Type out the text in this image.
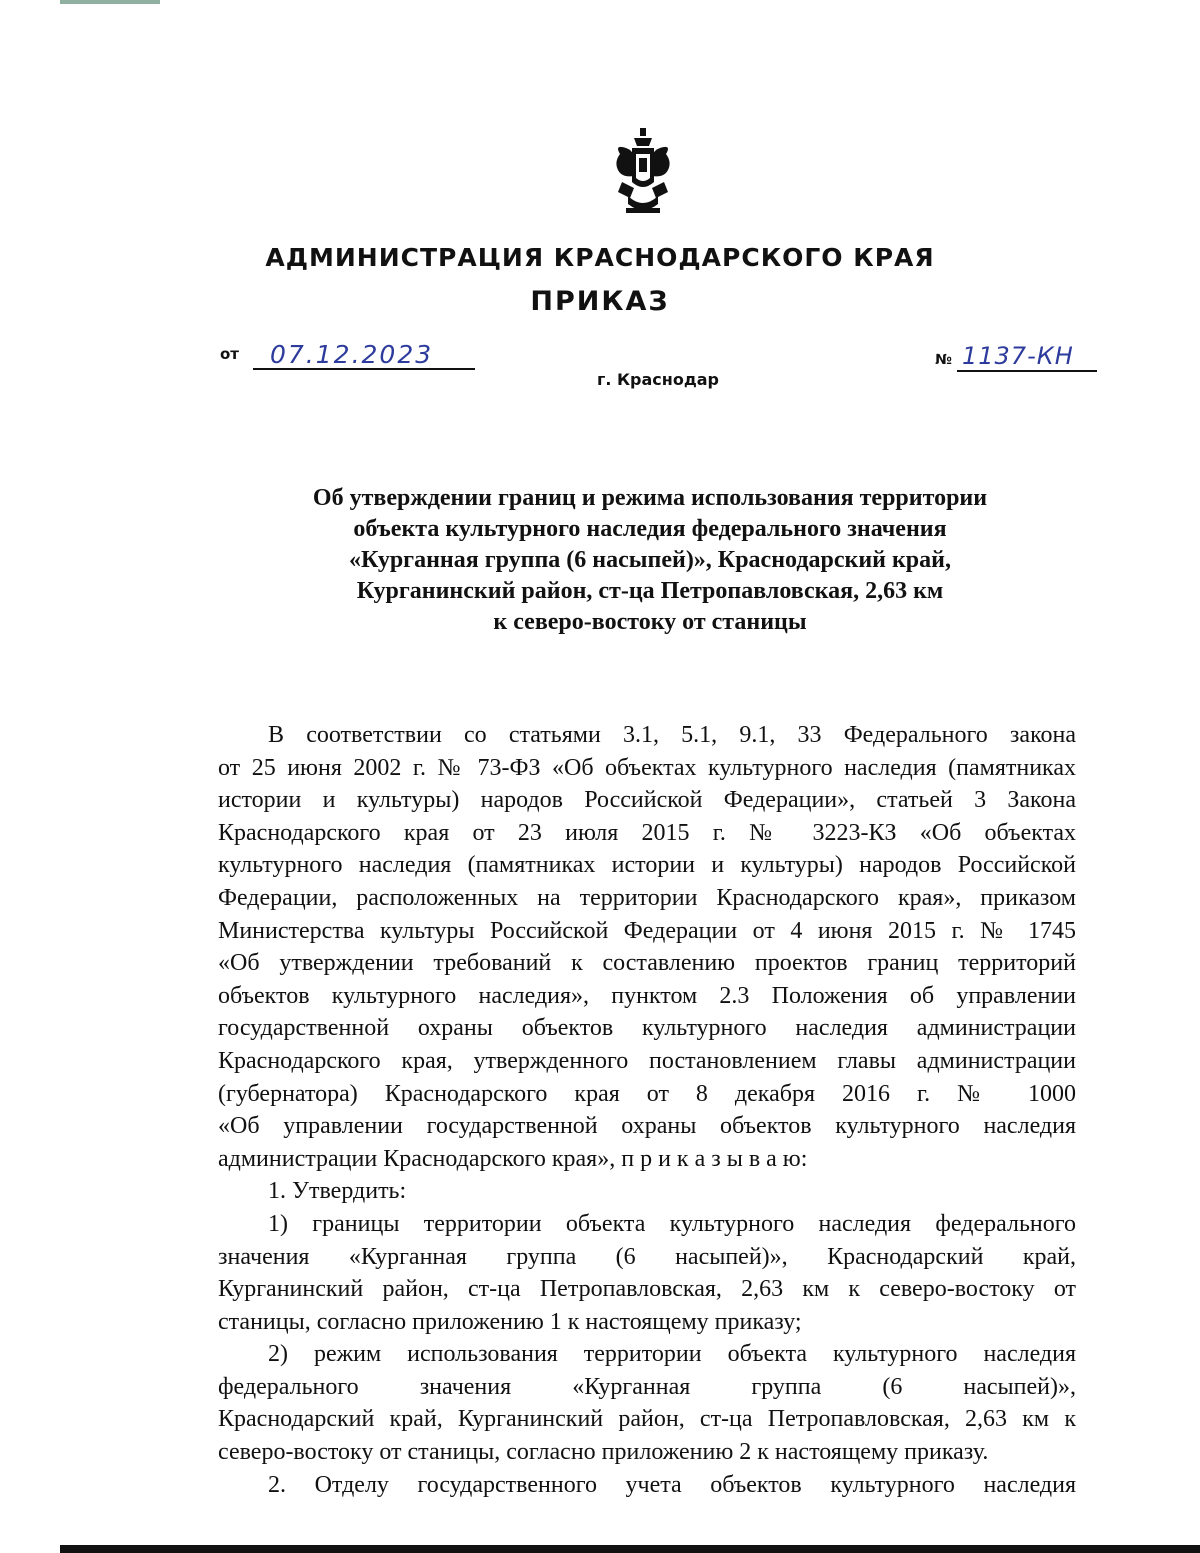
АДМИНИСТРАЦИЯ КРАСНОДАРСКОГО КРАЯ
ПРИКАЗ
от 07.12.2023	№ 1137-КН
г. Краснодар
Об утверждении границ и режима использования территории
объекта культурного наследия федерального значения
«Курганная группа (6 насыпей)», Краснодарский край,
Курганинский район, ст-ца Петропавловская, 2,63 км
к северо-востоку от станицы
В соответствии со статьями 3.1, 5.1, 9.1, 33 Федерального закона
от 25 июня 2002 г. № 73-ФЗ «Об объектах культурного наследия (памятниках
истории и культуры) народов Российской Федерации», статьей 3 Закона
Краснодарского края от 23 июля 2015 г. № 3223-КЗ «Об объектах
культурного наследия (памятниках истории и культуры) народов Российской
Федерации, расположенных на территории Краснодарского края», приказом
Министерства культуры Российской Федерации от 4 июня 2015 г. № 1745
«Об утверждении требований к составлению проектов границ территорий
объектов культурного наследия», пунктом 2.3 Положения об управлении
государственной охраны объектов культурного наследия администрации
Краснодарского края, утвержденного постановлением главы администрации
(губернатора) Краснодарского края от 8 декабря 2016 г. № 1000
«Об управлении государственной охраны объектов культурного наследия
администрации Краснодарского края», п р и к а з ы в а ю:
1. Утвердить:
1) границы территории объекта культурного наследия федерального
значения «Курганная группа (6 насыпей)», Краснодарский край,
Курганинский район, ст-ца Петропавловская, 2,63 км к северо-востоку от
станицы, согласно приложению 1 к настоящему приказу;
2) режим использования территории объекта культурного наследия
федерального значения «Курганная группа (6 насыпей)»,
Краснодарский край, Курганинский район, ст-ца Петропавловская, 2,63 км к
северо-востоку от станицы, согласно приложению 2 к настоящему приказу.
2. Отделу государственного учета объектов культурного наследия
